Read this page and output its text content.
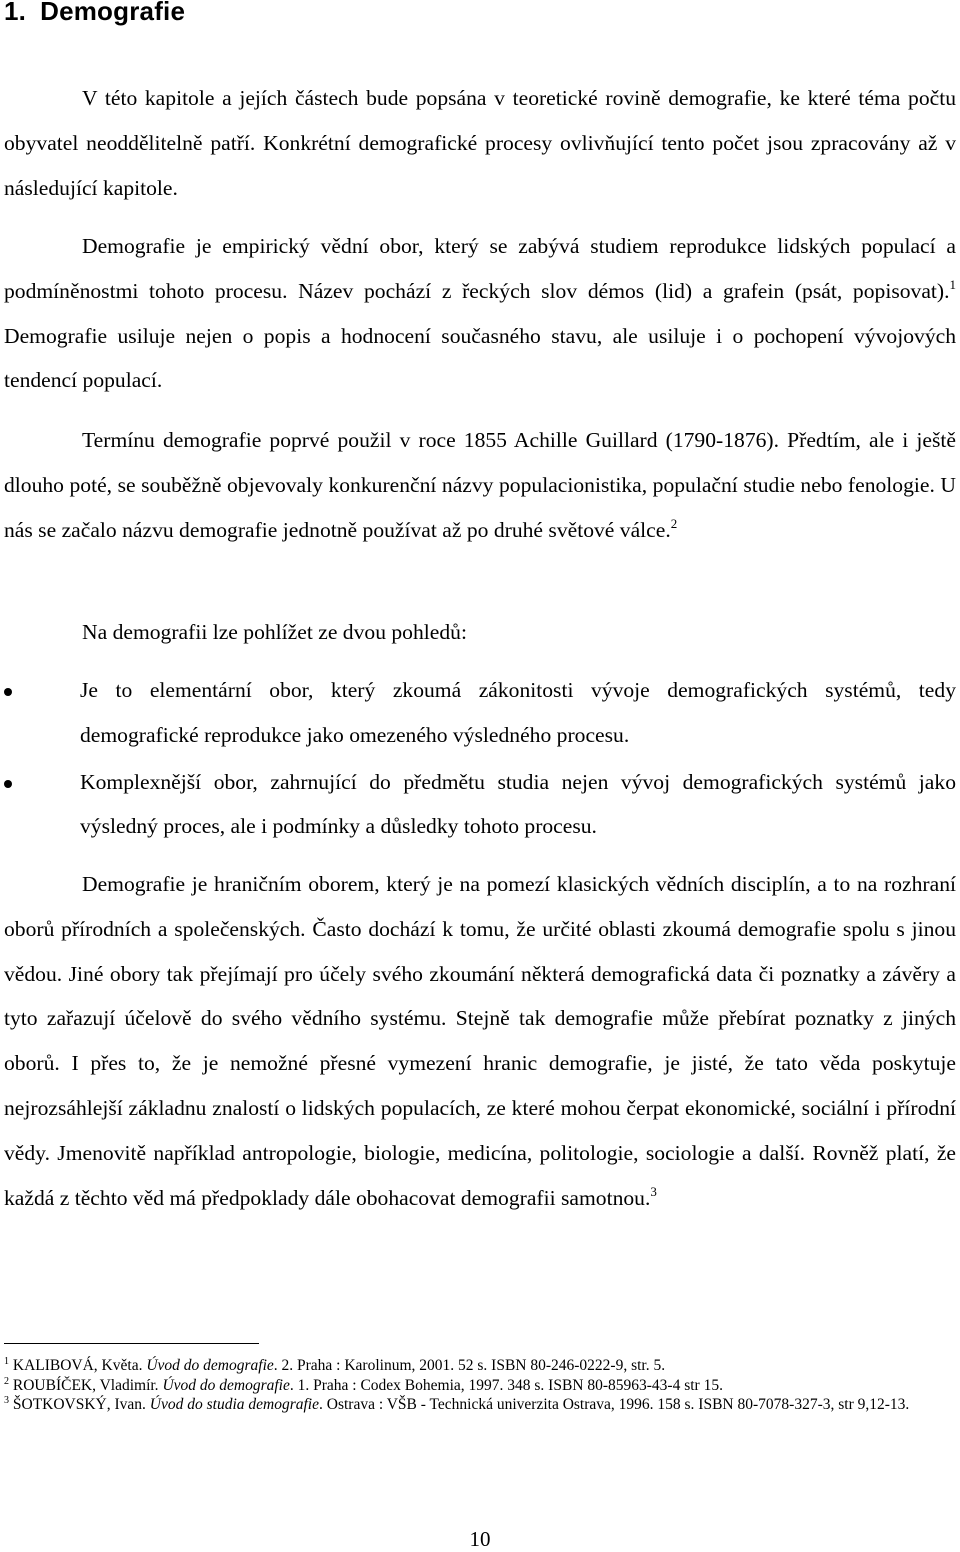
1. Demografie

V této kapitole a jejích částech bude popsána v teoretické rovině demografie, ke které téma počtu obyvatel neoddělitelně patří. Konkrétní demografické procesy ovlivňující tento počet jsou zpracovány až v následující kapitole.

Demografie je empirický vědní obor, který se zabývá studiem reprodukce lidských populací a podmíněnostmi tohoto procesu. Název pochází z řeckých slov démos (lid) a grafein (psát, popisovat).$^1$ Demografie usiluje nejen o popis a hodnocení současného stavu, ale usiluje i o pochopení vývojových tendencí populací.

Termínu demografie poprvé použil v roce 1855 Achille Guillard (1790-1876). Předtím, ale i ještě dlouho poté, se souběžně objevovaly konkurenční názvy populacionistika, populační studie nebo fenologie. U nás se začalo názvu demografie jednotně používat až po druhé světové válce.$^2$

Na demografii lze pohlížet ze dvou pohledů:

Je to elementární obor, který zkoumá zákonitosti vývoje demografických systémů, tedy demografické reprodukce jako omezeného výsledného procesu.
Komplexnější obor, zahrnující do předmětu studia nejen vývoj demografických systémů jako výsledný proces, ale i podmínky a důsledky tohoto procesu.

Demografie je hraničním oborem, který je na pomezí klasických vědních disciplín, a to na rozhraní oborů přírodních a společenských. Často dochází k tomu, že určité oblasti zkoumá demografie spolu s jinou vědou. Jiné obory tak přejímají pro účely svého zkoumání některá demografická data či poznatky a závěry a tyto zařazují účelově do svého vědního systému. Stejně tak demografie může přebírat poznatky z jiných oborů. I přes to, že je nemožné přesné vymezení hranic demografie, je jisté, že tato věda poskytuje nejrozsáhlejší základnu znalostí o lidských populacích, ze které mohou čerpat ekonomické, sociální i přírodní vědy. Jmenovitě například antropologie, biologie, medicína, politologie, sociologie a další. Rovněž platí, že každá z těchto věd má předpoklady dále obohacovat demografii samotnou.$^3$

$^1$ KALIBOVÁ, Květa. Úvod do demografie. 2. Praha : Karolinum, 2001. 52 s. ISBN 80-246-0222-9, str. 5.
$^2$ ROUBÍČEK, Vladimír. Úvod do demografie. 1. Praha : Codex Bohemia, 1997. 348 s. ISBN 80-85963-43-4 str 15.
$^3$ ŠOTKOVSKÝ, Ivan. Úvod do studia demografie. Ostrava : VŠB - Technická univerzita Ostrava, 1996. 158 s. ISBN 80-7078-327-3, str 9,12-13.
10
